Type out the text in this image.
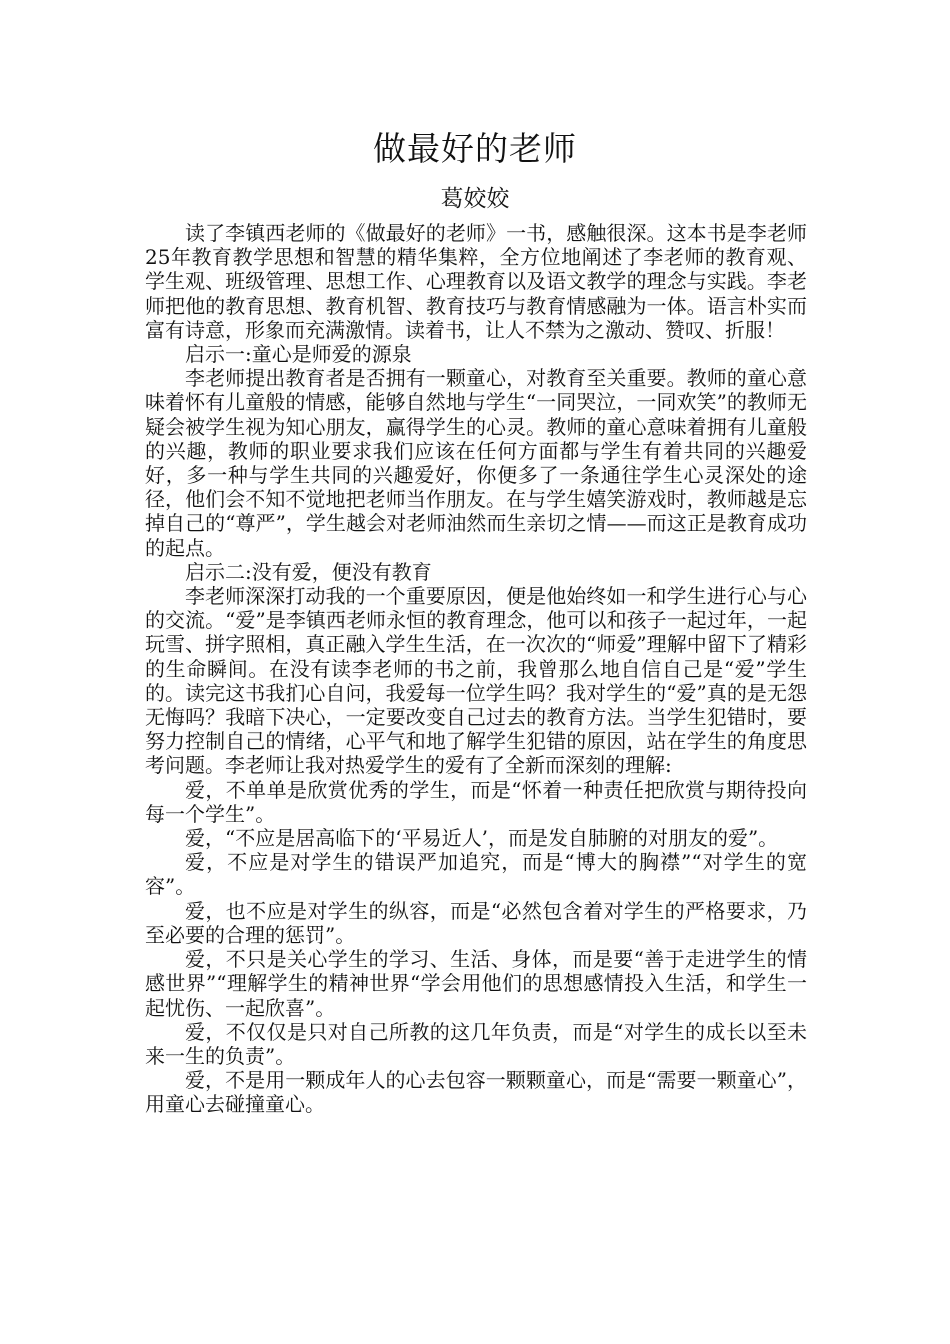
做最好的老师
葛姣姣

读了李镇西老师的《做最好的老师》一书，感触很深。这本书是李老师25年教育教学思想和智慧的精华集粹，全方位地阐述了李老师的教育观、学生观、班级管理、思想工作、心理教育以及语文教学的理念与实践。李老师把他的教育思想、教育机智、教育技巧与教育情感融为一体。语言朴实而富有诗意，形象而充满激情。读着书，让人不禁为之激动、赞叹、折服！

启示一:童心是师爱的源泉

李老师提出教育者是否拥有一颗童心，对教育至关重要。教师的童心意味着怀有儿童般的情感，能够自然地与学生“一同哭泣，一同欢笑”的教师无疑会被学生视为知心朋友，赢得学生的心灵。教师的童心意味着拥有儿童般的兴趣，教师的职业要求我们应该在任何方面都与学生有着共同的兴趣爱好，多一种与学生共同的兴趣爱好，你便多了一条通往学生心灵深处的途径，他们会不知不觉地把老师当作朋友。在与学生嬉笑游戏时，教师越是忘掉自己的“尊严”，学生越会对老师油然而生亲切之情——而这正是教育成功的起点。

启示二:没有爱，便没有教育

李老师深深打动我的一个重要原因，便是他始终如一和学生进行心与心的交流。“爱”是李镇西老师永恒的教育理念，他可以和孩子一起过年，一起玩雪、拼字照相，真正融入学生生活，在一次次的“师爱”理解中留下了精彩的生命瞬间。在没有读李老师的书之前，我曾那么地自信自己是“爱”学生的。读完这书我扪心自问，我爱每一位学生吗？我对学生的“爱”真的是无怨无悔吗？我暗下决心，一定要改变自己过去的教育方法。当学生犯错时，要努力控制自己的情绪，心平气和地了解学生犯错的原因，站在学生的角度思考问题。李老师让我对热爱学生的爱有了全新而深刻的理解:

爱，不单单是欣赏优秀的学生，而是“怀着一种责任把欣赏与期待投向每一个学生”。

爱，“不应是居高临下的‘平易近人’，而是发自肺腑的对朋友的爱”。

爱，不应是对学生的错误严加追究，而是“博大的胸襟”“对学生的宽容”。

爱，也不应是对学生的纵容，而是“必然包含着对学生的严格要求，乃至必要的合理的惩罚”。

爱，不只是关心学生的学习、生活、身体，而是要“善于走进学生的情感世界”“理解学生的精神世界“学会用他们的思想感情投入生活，和学生一起忧伤、一起欣喜”。

爱，不仅仅是只对自己所教的这几年负责，而是“对学生的成长以至未来一生的负责”。

爱，不是用一颗成年人的心去包容一颗颗童心，而是“需要一颗童心”，用童心去碰撞童心。
